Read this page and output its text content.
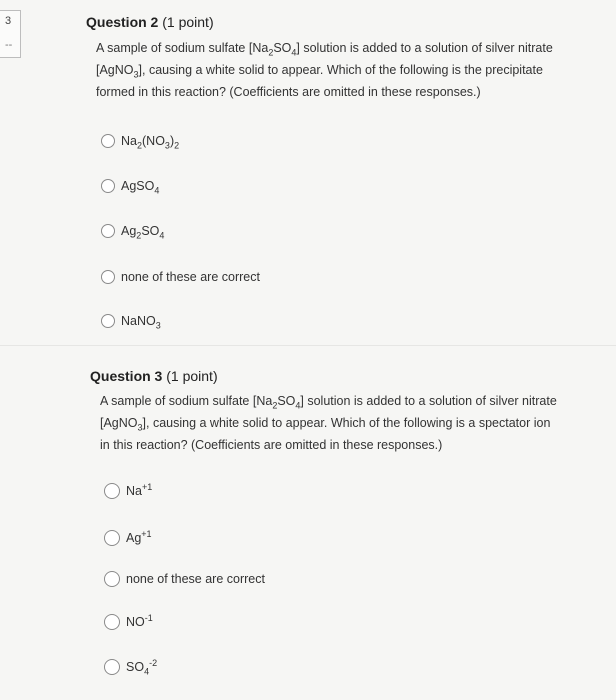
3
--
Question 2 (1 point)
A sample of sodium sulfate $[Na_2SO_4]$ solution is added to a solution of silver nitrate
[AgNO$_3$], causing a white solid to appear. Which of the following is the precipitate
formed in this reaction? (Coefficients are omitted in these responses.)
$Na_2(NO_3)_2$
AgSO$_4$
$Ag_2SO_4$
none of these are correct
NaNO$_3$
Question 3 (1 point)
A sample of sodium sulfate $[Na_2SO_4]$ solution is added to a solution of silver nitrate
[AgNO$_3$], causing a white solid to appear. Which of the following is a spectator ion
in this reaction? (Coefficients are omitted in these responses.)
$Na^{+1}$
$Ag^{+1}$
none of these are correct
$NO^{-1}$
$SO_4^{-2}$
